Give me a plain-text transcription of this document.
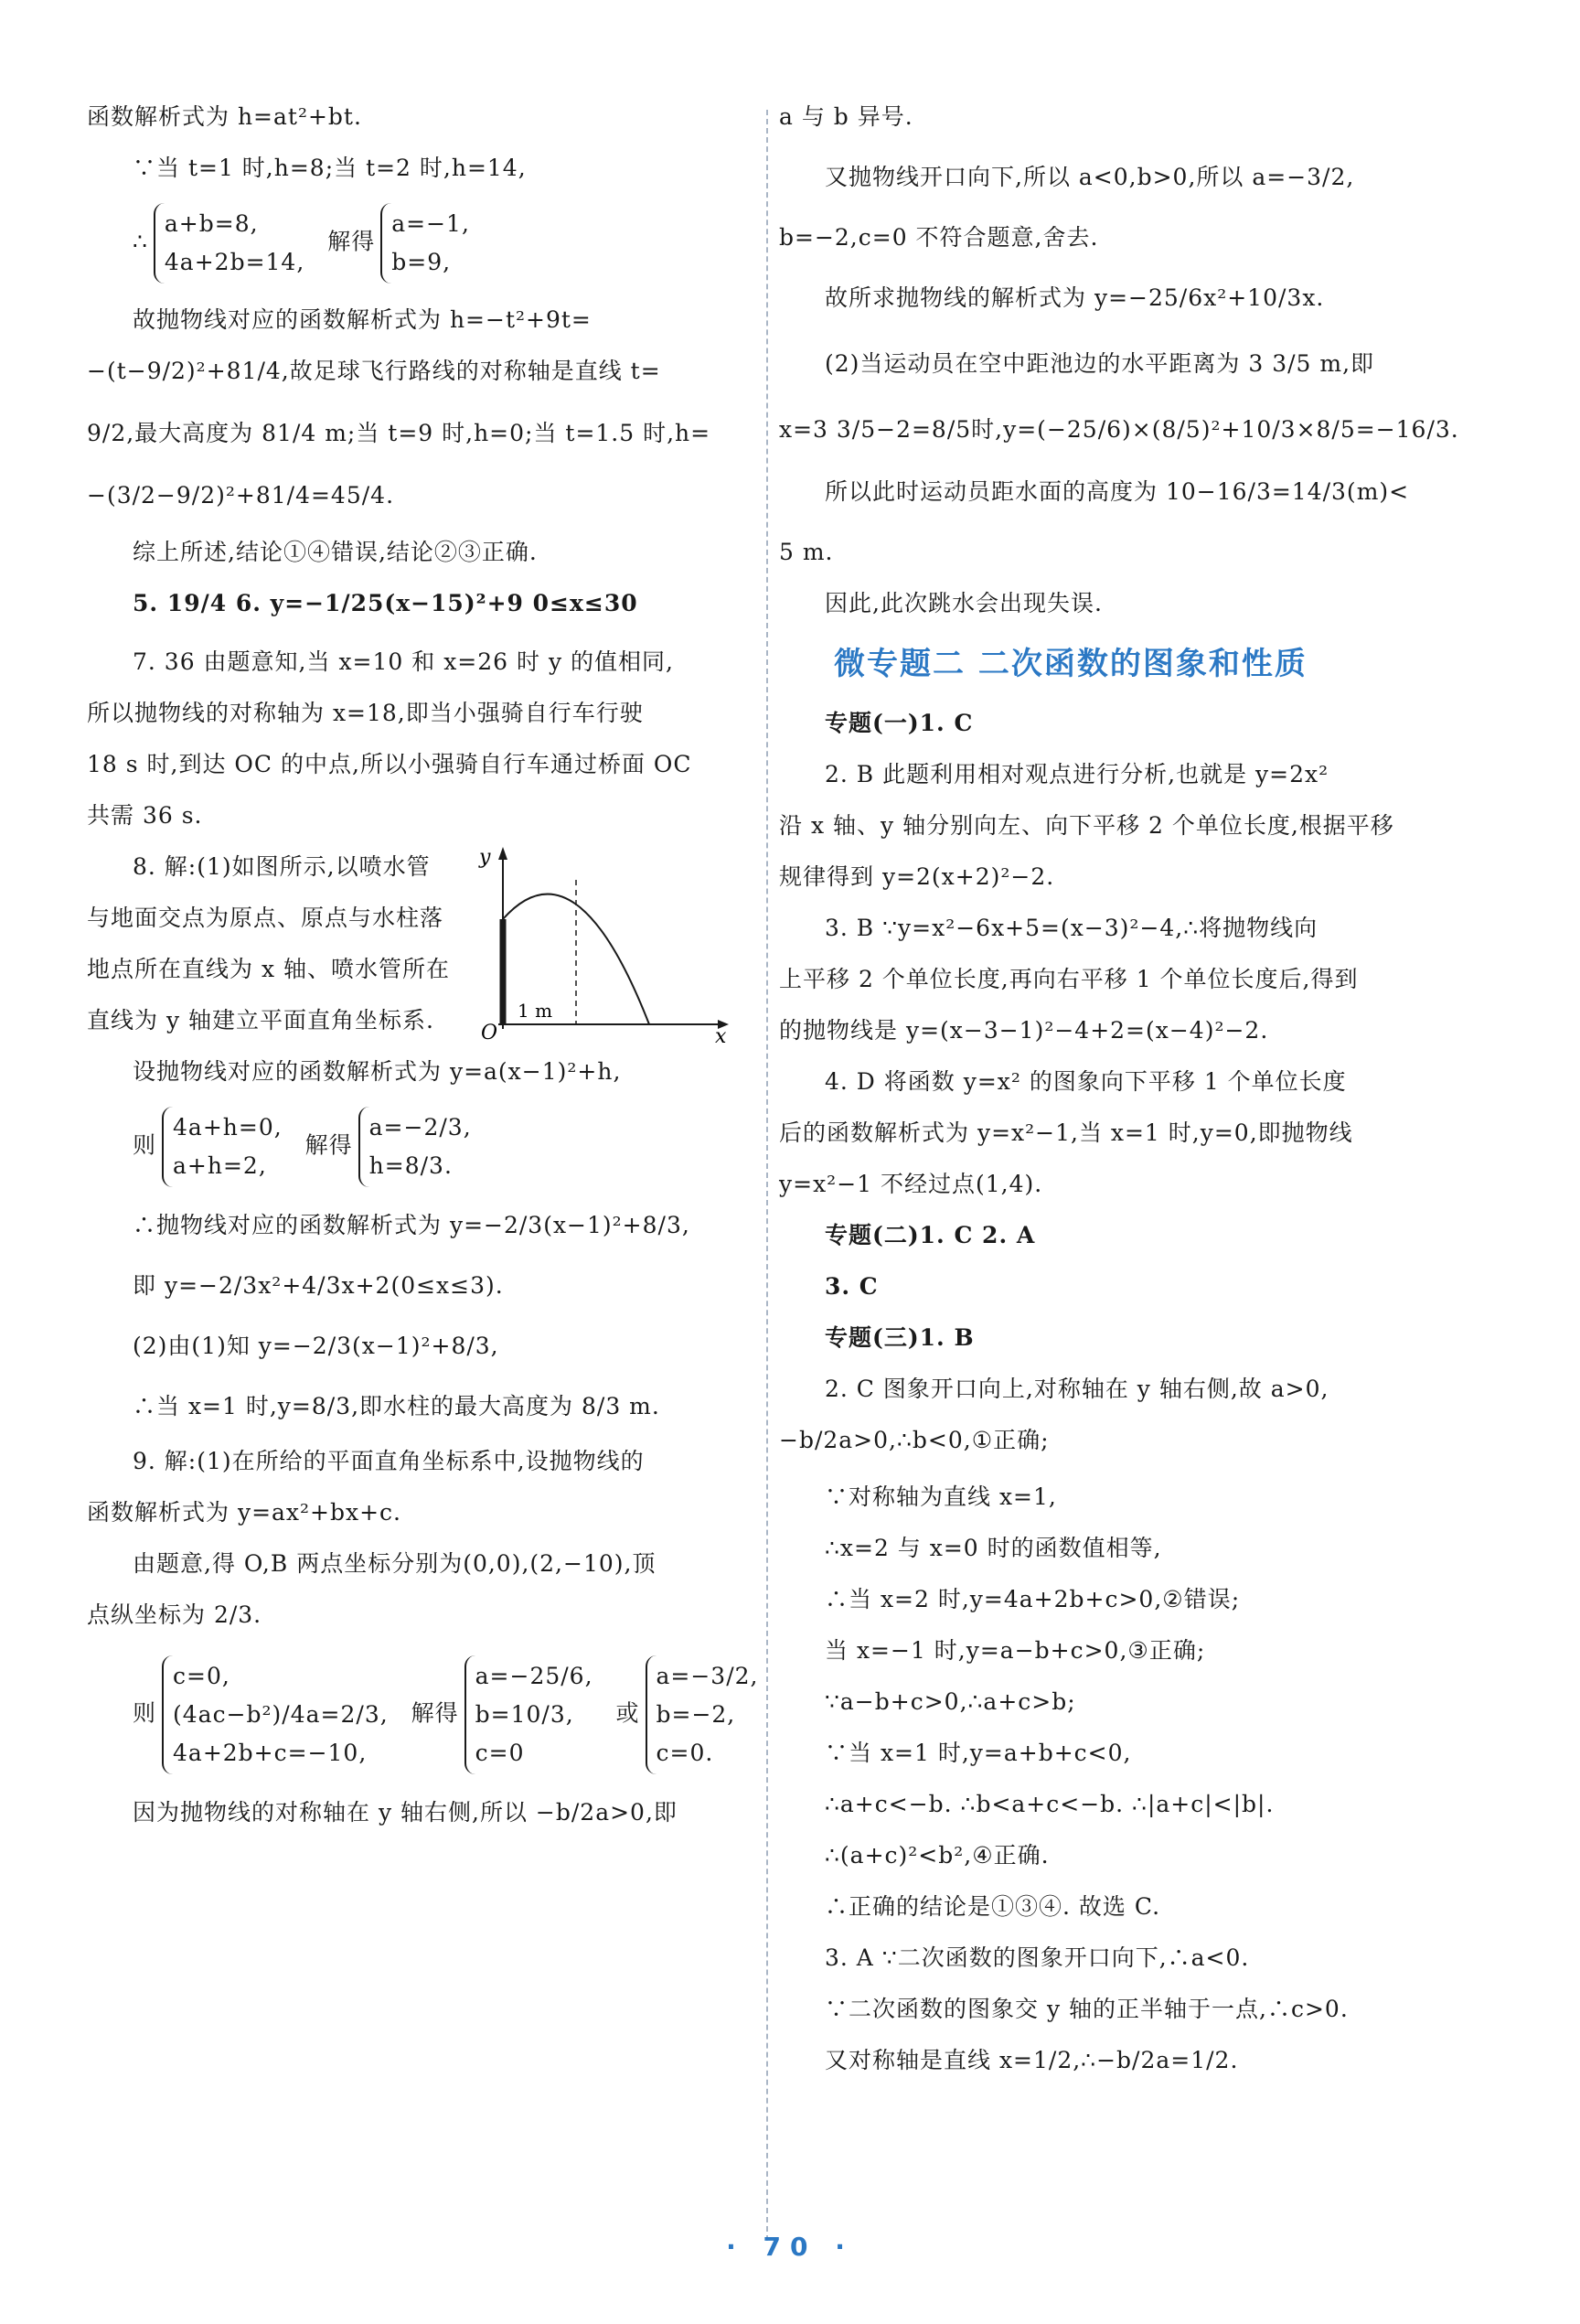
函数解析式为 h=at²+bt.
∵当 t=1 时,h=8;当 t=2 时,h=14,
∴
a+b=8,
4a+2b=14,
解得
a=−1,
b=9,
故抛物线对应的函数解析式为 h=−t²+9t=
−(t−9/2)²+81/4,故足球飞行路线的对称轴是直线 t=
9/2,最大高度为 81/4 m;当 t=9 时,h=0;当 t=1.5 时,h=
−(3/2−9/2)²+81/4=45/4.
综上所述,结论①④错误,结论②③正确.
5. 19/4 6. y=−1/25(x−15)²+9 0≤x≤30
7. 36 由题意知,当 x=10 和 x=26 时 y 的值相同,
所以抛物线的对称轴为 x=18,即当小强骑自行车行驶
18 s 时,到达 OC 的中点,所以小强骑自行车通过桥面 OC
共需 36 s.
8. 解:(1)如图所示,以喷水管
与地面交点为原点、原点与水柱落
地点所在直线为 x 轴、喷水管所在
直线为 y 轴建立平面直角坐标系.
y
x
O
1 m
设抛物线对应的函数解析式为 y=a(x−1)²+h,
则
4a+h=0,
a+h=2,
解得
a=−2/3,
h=8/3.
∴抛物线对应的函数解析式为 y=−2/3(x−1)²+8/3,
即 y=−2/3x²+4/3x+2(0≤x≤3).
(2)由(1)知 y=−2/3(x−1)²+8/3,
∴当 x=1 时,y=8/3,即水柱的最大高度为 8/3 m.
9. 解:(1)在所给的平面直角坐标系中,设抛物线的
函数解析式为 y=ax²+bx+c.
由题意,得 O,B 两点坐标分别为(0,0),(2,−10),顶
点纵坐标为 2/3.
则
c=0,
(4ac−b²)/4a=2/3,
4a+2b+c=−10,
解得
a=−25/6,
b=10/3,
c=0
或
a=−3/2,
b=−2,
c=0.
因为抛物线的对称轴在 y 轴右侧,所以 −b/2a>0,即
a 与 b 异号.
又抛物线开口向下,所以 a<0,b>0,所以 a=−3/2,
b=−2,c=0 不符合题意,舍去.
故所求抛物线的解析式为 y=−25/6x²+10/3x.
(2)当运动员在空中距池边的水平距离为 3 3/5 m,即
x=3 3/5−2=8/5时,y=(−25/6)×(8/5)²+10/3×8/5=−16/3.
所以此时运动员距水面的高度为 10−16/3=14/3(m)<
5 m.
因此,此次跳水会出现失误.
微专题二 二次函数的图象和性质
专题(一)1. C
2. B 此题利用相对观点进行分析,也就是 y=2x²
沿 x 轴、y 轴分别向左、向下平移 2 个单位长度,根据平移
规律得到 y=2(x+2)²−2.
3. B ∵y=x²−6x+5=(x−3)²−4,∴将抛物线向
上平移 2 个单位长度,再向右平移 1 个单位长度后,得到
的抛物线是 y=(x−3−1)²−4+2=(x−4)²−2.
4. D 将函数 y=x² 的图象向下平移 1 个单位长度
后的函数解析式为 y=x²−1,当 x=1 时,y=0,即抛物线
y=x²−1 不经过点(1,4).
专题(二)1. C 2. A
3. C
专题(三)1. B
2. C 图象开口向上,对称轴在 y 轴右侧,故 a>0,
−b/2a>0,∴b<0,①正确;
∵对称轴为直线 x=1,
∴x=2 与 x=0 时的函数值相等,
∴当 x=2 时,y=4a+2b+c>0,②错误;
当 x=−1 时,y=a−b+c>0,③正确;
∵a−b+c>0,∴a+c>b;
∵当 x=1 时,y=a+b+c<0,
∴a+c<−b. ∴b<a+c<−b. ∴|a+c|<|b|.
∴(a+c)²<b²,④正确.
∴正确的结论是①③④. 故选 C.
3. A ∵二次函数的图象开口向下,∴a<0.
∵二次函数的图象交 y 轴的正半轴于一点,∴c>0.
又对称轴是直线 x=1/2,∴−b/2a=1/2.
· 70 ·
